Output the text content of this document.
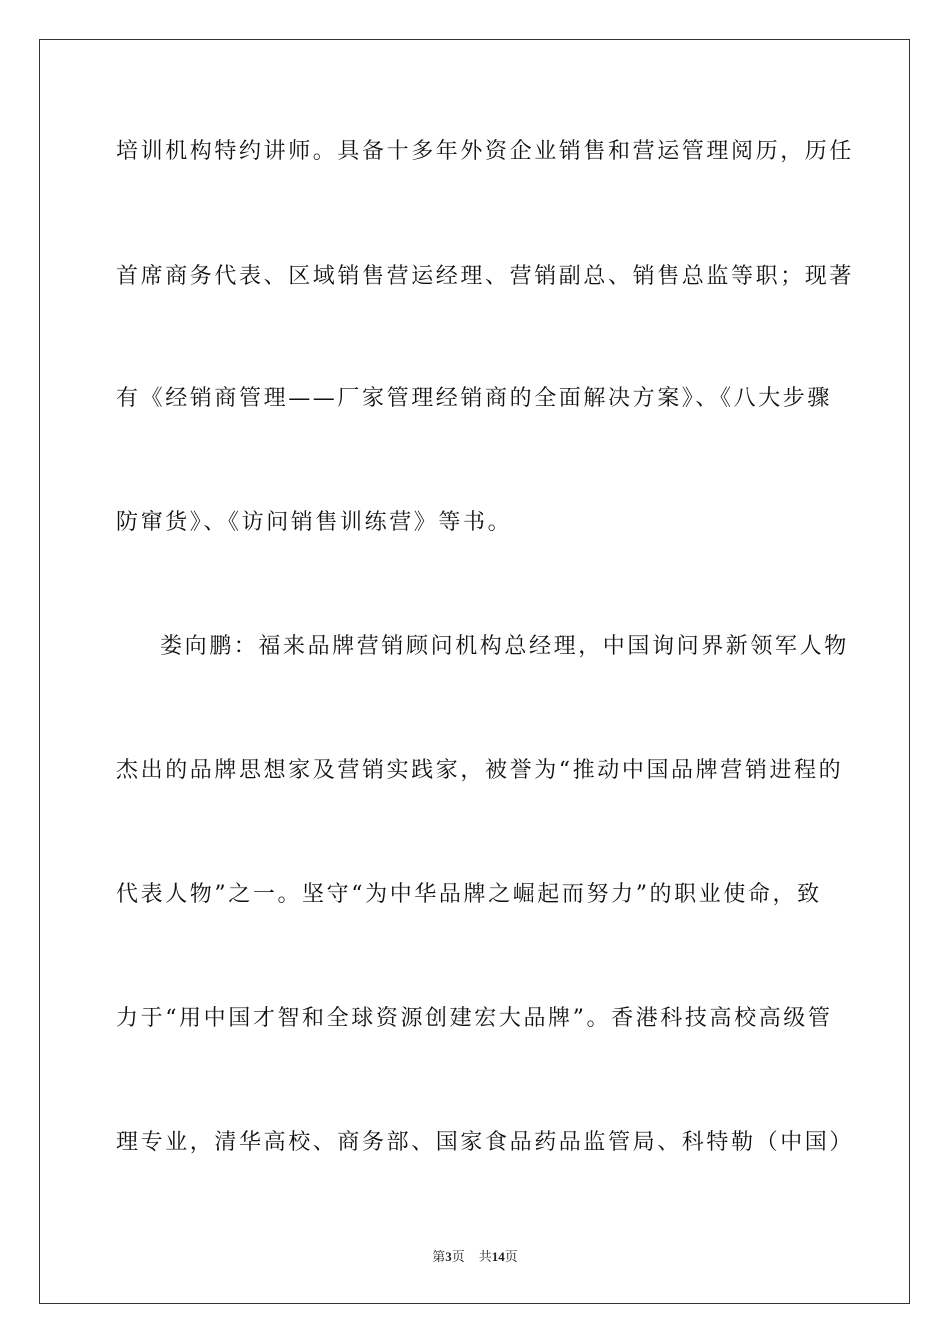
培训机构特约讲师。具备十多年外资企业销售和营运管理阅历，历任

首席商务代表、区域销售营运经理、营销副总、销售总监等职；现著

有《经销商管理——厂家管理经销商的全面解决方案》、《八大步骤

防窜货》、《访问销售训练营》等书。

娄向鹏：福来品牌营销顾问机构总经理，中国询问界新领军人物

杰出的品牌思想家及营销实践家，被誉为“推动中国品牌营销进程的

代表人物”之一。坚守“为中华品牌之崛起而努力”的职业使命，致

力于“用中国才智和全球资源创建宏大品牌”。香港科技高校高级管

理专业，清华高校、商务部、国家食品药品监管局、科特勒（中国）

第3页 共14页
